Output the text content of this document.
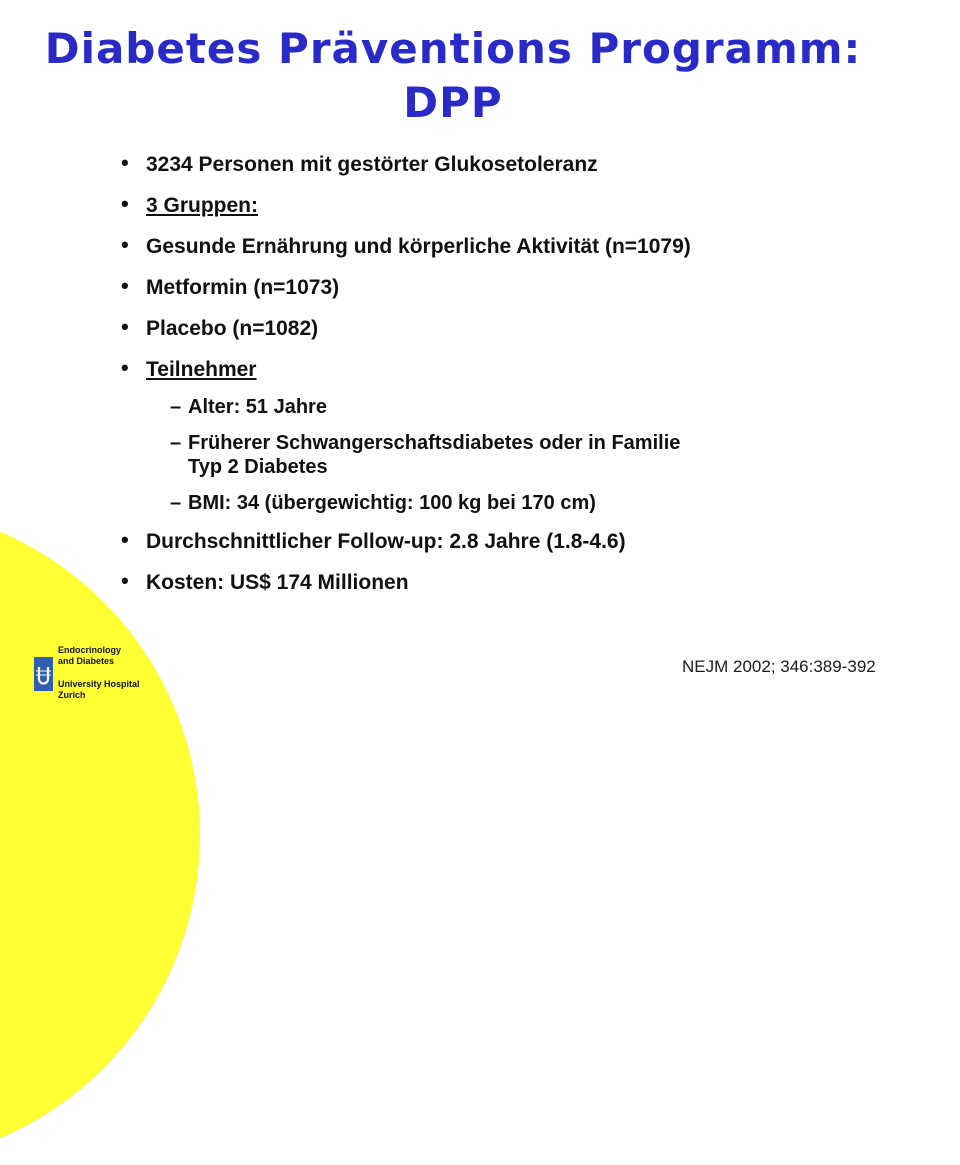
Diabetes Präventions Programm:
DPP
• 3234 Personen mit gestörter Glukosetoleranz
• 3 Gruppen:
• Gesunde Ernährung und körperliche Aktivität (n=1079)
• Metformin (n=1073)
• Placebo (n=1082)
• Teilnehmer
– Alter: 51 Jahre
– Früherer Schwangerschaftsdiabetes oder in Familie
Typ 2 Diabetes
– BMI: 34 (übergewichtig: 100 kg bei 170 cm)
• Durchschnittlicher Follow-up: 2.8 Jahre (1.8-4.6)
• Kosten: US$ 174 Millionen
Endocrinology
and Diabetes
University Hospital
Zurich
NEJM 2002; 346:389-392
